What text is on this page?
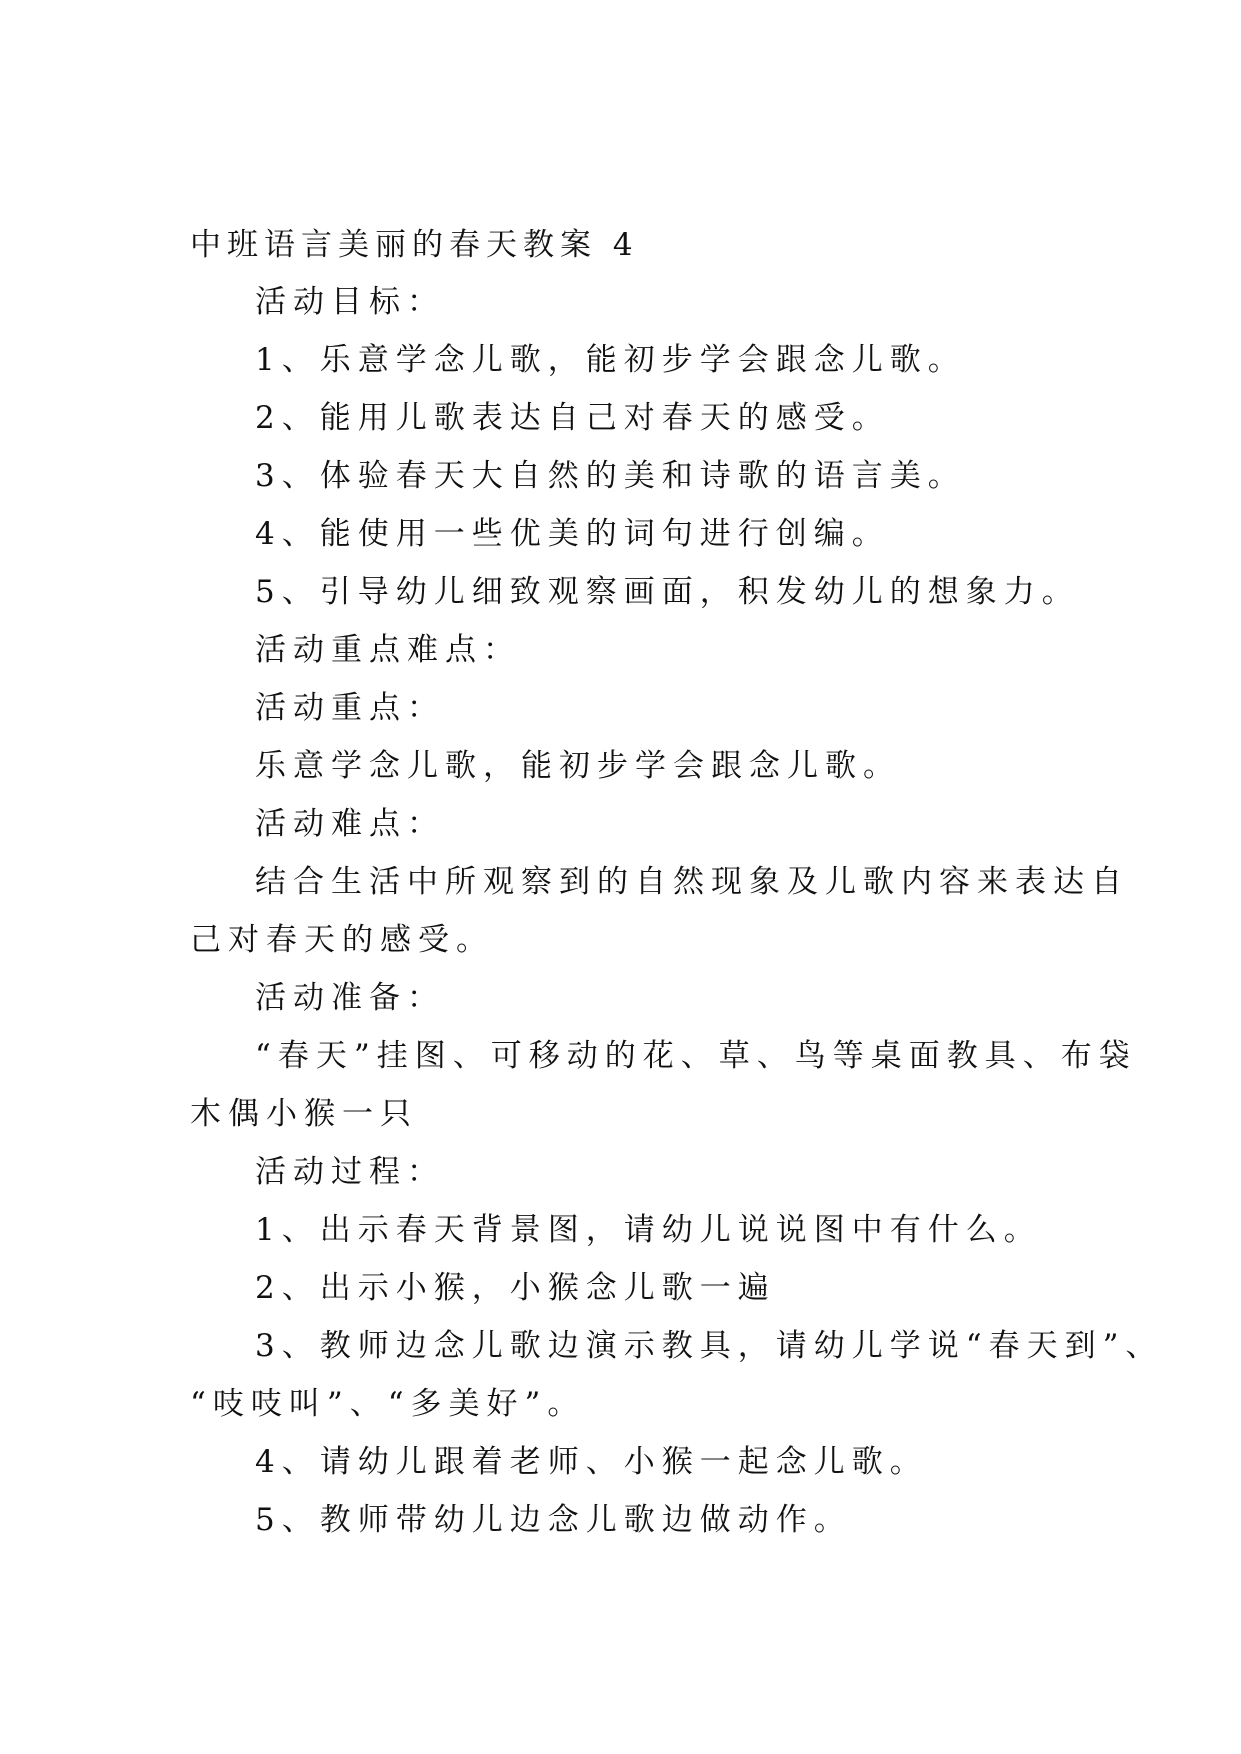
中班语言美丽的春天教案 4
活动目标：
1、乐意学念儿歌，能初步学会跟念儿歌。
2、能用儿歌表达自己对春天的感受。
3、体验春天大自然的美和诗歌的语言美。
4、能使用一些优美的词句进行创编。
5、引导幼儿细致观察画面，积发幼儿的想象力。
活动重点难点：
活动重点：
乐意学念儿歌，能初步学会跟念儿歌。
活动难点：
结合生活中所观察到的自然现象及儿歌内容来表达自
己对春天的感受。
活动准备：
“春天”挂图、可移动的花、草、鸟等桌面教具、布袋
木偶小猴一只
活动过程：
1、出示春天背景图，请幼儿说说图中有什么。
2、出示小猴，小猴念儿歌一遍
3、教师边念儿歌边演示教具，请幼儿学说“春天到”、
“吱吱叫”、“多美好”。
4、请幼儿跟着老师、小猴一起念儿歌。
5、教师带幼儿边念儿歌边做动作。
